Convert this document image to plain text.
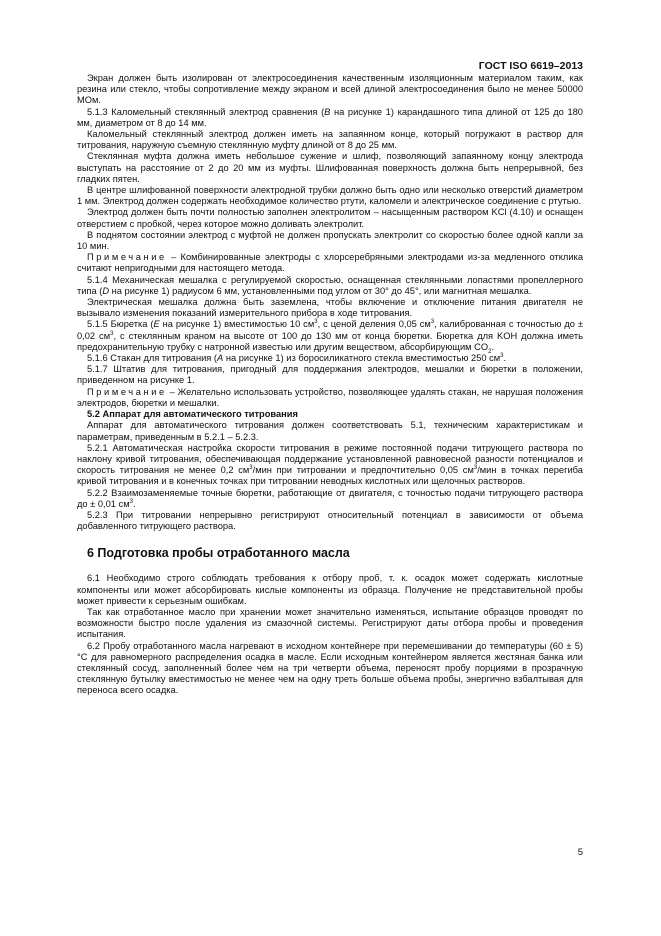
ГОСТ ISO 6619–2013

Экран должен быть изолирован от электросоединения качественным изоляционным материалом таким, как резина или стекло, чтобы сопротивление между экраном и всей длиной электросоединения было не менее 50000 МОм.

5.1.3 Каломельный стеклянный электрод сравнения (B на рисунке 1) карандашного типа длиной от 125 до 180 мм, диаметром от 8 до 14 мм.

Каломельный стеклянный электрод должен иметь на запаянном конце, который погружают в раствор для титрования, наружную съемную стеклянную муфту длиной от 8 до 25 мм.

Стеклянная муфта должна иметь небольшое сужение и шлиф, позволяющий запаянному концу электрода выступать на расстояние от 2 до 20 мм из муфты. Шлифованная поверхность должна быть непрерывной, без гладких пятен.

В центре шлифованной поверхности электродной трубки должно быть одно или несколько отверстий диаметром 1 мм. Электрод должен содержать необходимое количество ртути, каломели и электрическое соединение с ртутью.

Электрод должен быть почти полностью заполнен электролитом – насыщенным раствором KCl (4.10) и оснащен отверстием с пробкой, через которое можно доливать электролит.

В поднятом состоянии электрод с муфтой не должен пропускать электролит со скоростью более одной капли за 10 мин.

Примечание – Комбинированные электроды с хлорсеребряными электродами из-за медленного отклика считают непригодными для настоящего метода.

5.1.4 Механическая мешалка с регулируемой скоростью, оснащенная стеклянными лопастями пропеллерного типа (D на рисунке 1) радиусом 6 мм, установленными под углом от 30° до 45°, или магнитная мешалка.

Электрическая мешалка должна быть заземлена, чтобы включение и отключение питания двигателя не вызывало изменения показаний измерительного прибора в ходе титрования.

5.1.5 Бюретка (E на рисунке 1) вместимостью 10 $см^3$, с ценой деления 0,05 $см^3$, калиброванная с точностью до ± 0,02 $см^3$, с стеклянным краном на высоте от 100 до 130 мм от конца бюретки. Бюретка для KOH должна иметь предохранительную трубку с натронной известью или другим веществом, абсорбирующим $CO_2$.

5.1.6 Стакан для титрования (A на рисунке 1) из боросиликатного стекла вместимостью 250 $см^3$.

5.1.7 Штатив для титрования, пригодный для поддержания электродов, мешалки и бюретки в положении, приведенном на рисунке 1.

Примечание – Желательно использовать устройство, позволяющее удалять стакан, не нарушая положения электродов, бюретки и мешалки.

5.2 Аппарат для автоматического титрования

Аппарат для автоматического титрования должен соответствовать 5.1, техническим характеристикам и параметрам, приведенным в 5.2.1 – 5.2.3.

5.2.1 Автоматическая настройка скорости титрования в режиме постоянной подачи титрующего раствора по наклону кривой титрования, обеспечивающая поддержание установленной равновесной разности потенциалов и скорость титрования не менее 0,2 $см^3$/мин при титровании и предпочтительно 0,05 $см^3$/мин в точках перегиба кривой титрования и в конечных точках при титровании неводных кислотных или щелочных растворов.

5.2.2 Взаимозаменяемые точные бюретки, работающие от двигателя, с точностью подачи титрующего раствора до ± 0,01 $см^3$.

5.2.3 При титровании непрерывно регистрируют относительный потенциал в зависимости от объема добавленного титрующего раствора.

6 Подготовка пробы отработанного масла

6.1 Необходимо строго соблюдать требования к отбору проб, т. к. осадок может содержать кислотные компоненты или может абсорбировать кислые компоненты из образца. Получение не представительной пробы может привести к серьезным ошибкам.

Так как отработанное масло при хранении может значительно изменяться, испытание образцов проводят по возможности быстро после удаления из смазочной системы. Регистрируют даты отбора пробы и проведения испытания.

6.2 Пробу отработанного масла нагревают в исходном контейнере при перемешивании до температуры (60 ± 5) °С для равномерного распределения осадка в масле. Если исходным контейнером является жестяная банка или стеклянный сосуд, заполненный более чем на три четверти объема, переносят пробу порциями в прозрачную стеклянную бутылку вместимостью не менее чем на одну треть больше объема пробы, энергично взбалтывая для переноса всего осадка.

5
